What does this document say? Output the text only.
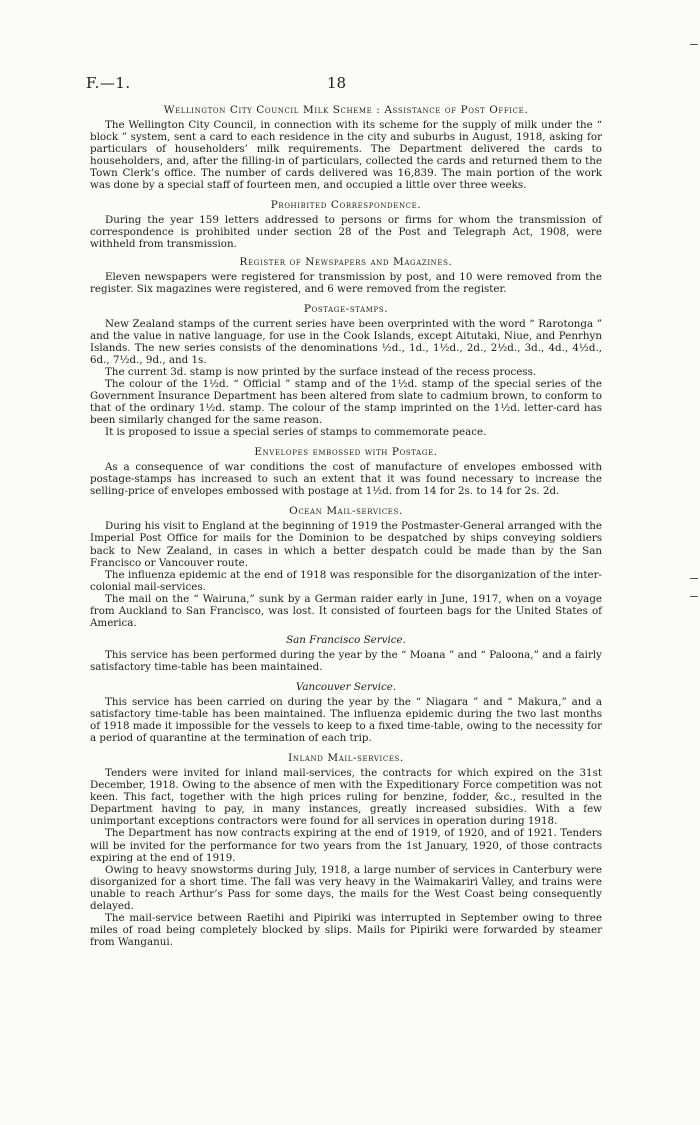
F.—1.	18
Wellington City Council Milk Scheme : Assistance of Post Office.

The Wellington City Council, in connection with its scheme for the supply of milk under the “ block ” system, sent a card to each residence in the city and suburbs in August, 1918, asking for particulars of householders’ milk requirements. The Department delivered the cards to householders, and, after the filling-in of particulars, collected the cards and returned them to the Town Clerk’s office. The number of cards delivered was 16,839. The main portion of the work was done by a special staff of fourteen men, and occupied a little over three weeks.

Prohibited Correspondence.

During the year 159 letters addressed to persons or firms for whom the transmission of correspondence is prohibited under section 28 of the Post and Telegraph Act, 1908, were withheld from transmission.

Register of Newspapers and Magazines.

Eleven newspapers were registered for transmission by post, and 10 were removed from the register. Six magazines were registered, and 6 were removed from the register.

Postage-stamps.

New Zealand stamps of the current series have been overprinted with the word “ Rarotonga ” and the value in native language, for use in the Cook Islands, except Aitutaki, Niue, and Penrhyn Islands. The new series consists of the denominations ½d., 1d., 1½d., 2d., 2½d., 3d., 4d., 4½d., 6d., 7½d., 9d., and 1s.

The current 3d. stamp is now printed by the surface instead of the recess process.

The colour of the 1½d. “ Official ” stamp and of the 1½d. stamp of the special series of the Government Insurance Department has been altered from slate to cadmium brown, to conform to that of the ordinary 1½d. stamp. The colour of the stamp imprinted on the 1½d. letter-card has been similarly changed for the same reason.

It is proposed to issue a special series of stamps to commemorate peace.

Envelopes embossed with Postage.

As a consequence of war conditions the cost of manufacture of envelopes embossed with postage-stamps has increased to such an extent that it was found necessary to increase the selling-price of envelopes embossed with postage at 1½d. from 14 for 2s. to 14 for 2s. 2d.

Ocean Mail-services.

During his visit to England at the beginning of 1919 the Postmaster-General arranged with the Imperial Post Office for mails for the Dominion to be despatched by ships conveying soldiers back to New Zealand, in cases in which a better despatch could be made than by the San Francisco or Vancouver route.

The influenza epidemic at the end of 1918 was responsible for the disorganization of the inter-colonial mail-services.

The mail on the “ Wairuna,” sunk by a German raider early in June, 1917, when on a voyage from Auckland to San Francisco, was lost. It consisted of fourteen bags for the United States of America.

San Francisco Service.

This service has been performed during the year by the “ Moana ” and “ Paloona,” and a fairly satisfactory time-table has been maintained.

Vancouver Service.

This service has been carried on during the year by the “ Niagara ” and “ Makura,” and a satisfactory time-table has been maintained. The influenza epidemic during the two last months of 1918 made it impossible for the vessels to keep to a fixed time-table, owing to the necessity for a period of quarantine at the termination of each trip.

Inland Mail-services.

Tenders were invited for inland mail-services, the contracts for which expired on the 31st December, 1918. Owing to the absence of men with the Expeditionary Force competition was not keen. This fact, together with the high prices ruling for benzine, fodder, &c., resulted in the Department having to pay, in many instances, greatly increased subsidies. With a few unimportant exceptions contractors were found for all services in operation during 1918.

The Department has now contracts expiring at the end of 1919, of 1920, and of 1921. Tenders will be invited for the performance for two years from the 1st January, 1920, of those contracts expiring at the end of 1919.

Owing to heavy snowstorms during July, 1918, a large number of services in Canterbury were disorganized for a short time. The fall was very heavy in the Waimakariri Valley, and trains were unable to reach Arthur’s Pass for some days, the mails for the West Coast being consequently delayed.

The mail-service between Raetihi and Pipiriki was interrupted in September owing to three miles of road being completely blocked by slips. Mails for Pipiriki were forwarded by steamer from Wanganui.
